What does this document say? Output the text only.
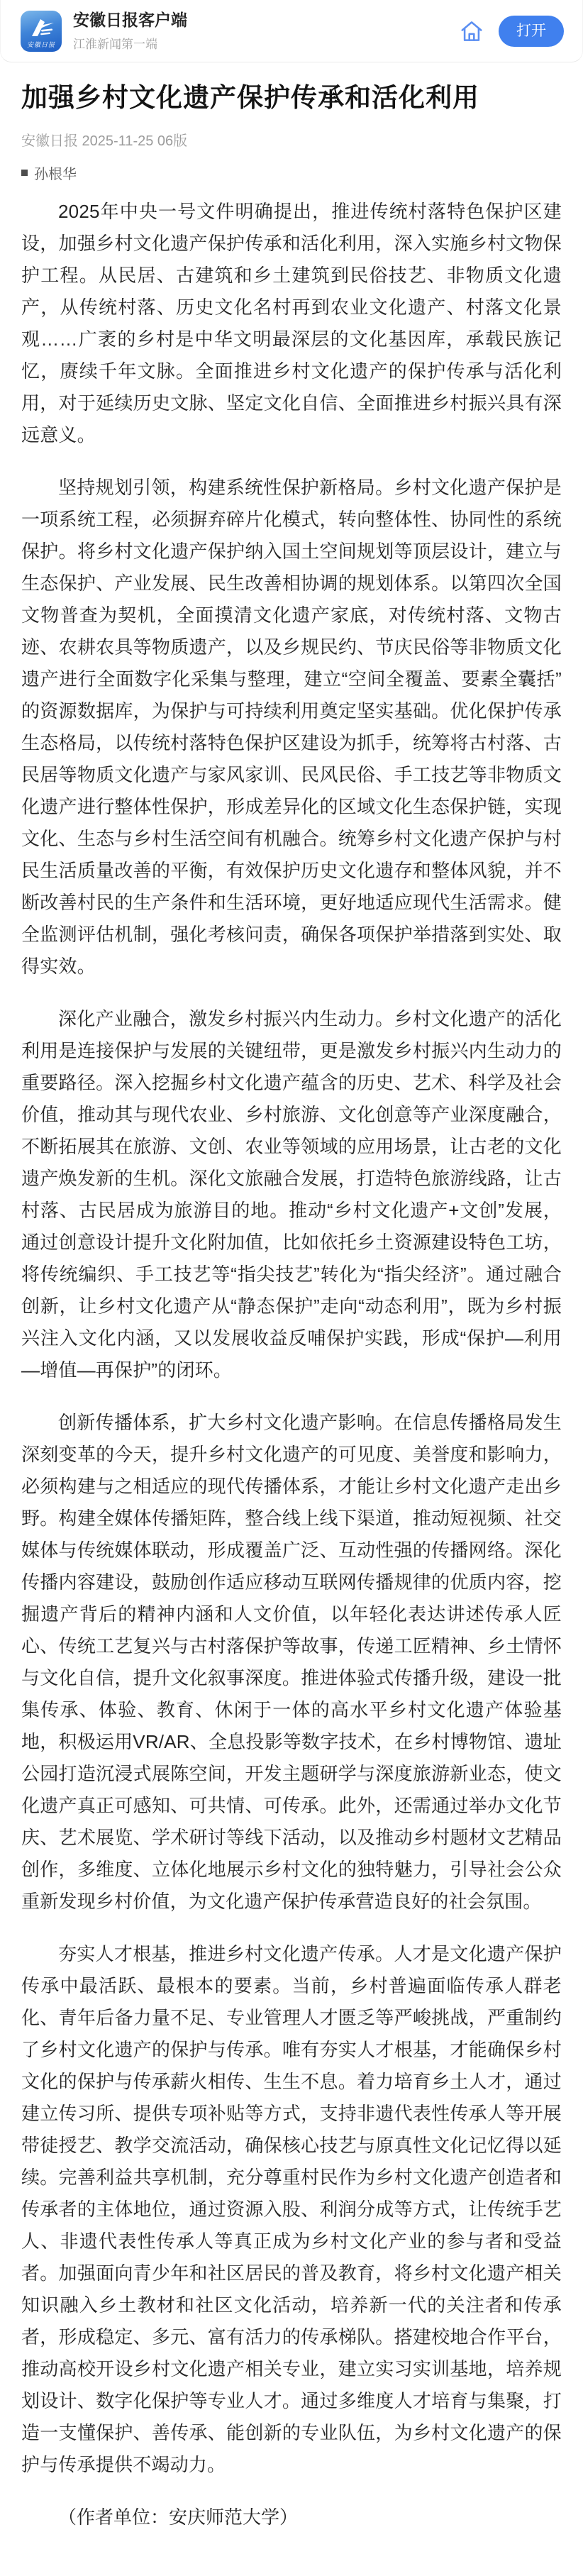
安徽日报
安徽日报客户端
江淮新闻第一端
打开
加强乡村文化遗产保护传承和活化利用
安徽日报 2025-11-25 06版
孙根华

2025年中央一号文件明确提出，推进传统村落特色保护区建设，加强乡村文化遗产保护传承和活化利用，深入实施乡村文物保护工程。从民居、古建筑和乡土建筑到民俗技艺、非物质文化遗产，从传统村落、历史文化名村再到农业文化遗产、村落文化景观……广袤的乡村是中华文明最深层的文化基因库，承载民族记忆，赓续千年文脉。全面推进乡村文化遗产的保护传承与活化利用，对于延续历史文脉、坚定文化自信、全面推进乡村振兴具有深远意义。

坚持规划引领，构建系统性保护新格局。乡村文化遗产保护是一项系统工程，必须摒弃碎片化模式，转向整体性、协同性的系统保护。将乡村文化遗产保护纳入国土空间规划等顶层设计，建立与生态保护、产业发展、民生改善相协调的规划体系。以第四次全国文物普查为契机，全面摸清文化遗产家底，对传统村落、文物古迹、农耕农具等物质遗产，以及乡规民约、节庆民俗等非物质文化遗产进行全面数字化采集与整理，建立“空间全覆盖、要素全囊括”的资源数据库，为保护与可持续利用奠定坚实基础。优化保护传承生态格局，以传统村落特色保护区建设为抓手，统筹将古村落、古民居等物质文化遗产与家风家训、民风民俗、手工技艺等非物质文化遗产进行整体性保护，形成差异化的区域文化生态保护链，实现文化、生态与乡村生活空间有机融合。统筹乡村文化遗产保护与村民生活质量改善的平衡，有效保护历史文化遗存和整体风貌，并不断改善村民的生产条件和生活环境，更好地适应现代生活需求。健全监测评估机制，强化考核问责，确保各项保护举措落到实处、取得实效。

深化产业融合，激发乡村振兴内生动力。乡村文化遗产的活化利用是连接保护与发展的关键纽带，更是激发乡村振兴内生动力的重要路径。深入挖掘乡村文化遗产蕴含的历史、艺术、科学及社会价值，推动其与现代农业、乡村旅游、文化创意等产业深度融合，不断拓展其在旅游、文创、农业等领域的应用场景，让古老的文化遗产焕发新的生机。深化文旅融合发展，打造特色旅游线路，让古村落、古民居成为旅游目的地。推动“乡村文化遗产+文创”发展，通过创意设计提升文化附加值，比如依托乡土资源建设特色工坊，将传统编织、手工技艺等“指尖技艺”转化为“指尖经济”。通过融合创新，让乡村文化遗产从“静态保护”走向“动态利用”，既为乡村振兴注入文化内涵，又以发展收益反哺保护实践，形成“保护—利用—增值—再保护”的闭环。

创新传播体系，扩大乡村文化遗产影响。在信息传播格局发生深刻变革的今天，提升乡村文化遗产的可见度、美誉度和影响力，必须构建与之相适应的现代传播体系，才能让乡村文化遗产走出乡野。构建全媒体传播矩阵，整合线上线下渠道，推动短视频、社交媒体与传统媒体联动，形成覆盖广泛、互动性强的传播网络。深化传播内容建设，鼓励创作适应移动互联网传播规律的优质内容，挖掘遗产背后的精神内涵和人文价值，以年轻化表达讲述传承人匠心、传统工艺复兴与古村落保护等故事，传递工匠精神、乡土情怀与文化自信，提升文化叙事深度。推进体验式传播升级，建设一批集传承、体验、教育、休闲于一体的高水平乡村文化遗产体验基地，积极运用VR/AR、全息投影等数字技术，在乡村博物馆、遗址公园打造沉浸式展陈空间，开发主题研学与深度旅游新业态，使文化遗产真正可感知、可共情、可传承。此外，还需通过举办文化节庆、艺术展览、学术研讨等线下活动，以及推动乡村题材文艺精品创作，多维度、立体化地展示乡村文化的独特魅力，引导社会公众重新发现乡村价值，为文化遗产保护传承营造良好的社会氛围。

夯实人才根基，推进乡村文化遗产传承。人才是文化遗产保护传承中最活跃、最根本的要素。当前，乡村普遍面临传承人群老化、青年后备力量不足、专业管理人才匮乏等严峻挑战，严重制约了乡村文化遗产的保护与传承。唯有夯实人才根基，才能确保乡村文化的保护与传承薪火相传、生生不息。着力培育乡土人才，通过建立传习所、提供专项补贴等方式，支持非遗代表性传承人等开展带徒授艺、教学交流活动，确保核心技艺与原真性文化记忆得以延续。完善利益共享机制，充分尊重村民作为乡村文化遗产创造者和传承者的主体地位，通过资源入股、利润分成等方式，让传统手艺人、非遗代表性传承人等真正成为乡村文化产业的参与者和受益者。加强面向青少年和社区居民的普及教育，将乡村文化遗产相关知识融入乡土教材和社区文化活动，培养新一代的关注者和传承者，形成稳定、多元、富有活力的传承梯队。搭建校地合作平台，推动高校开设乡村文化遗产相关专业，建立实习实训基地，培养规划设计、数字化保护等专业人才。通过多维度人才培育与集聚，打造一支懂保护、善传承、能创新的专业队伍，为乡村文化遗产的保护与传承提供不竭动力。

（作者单位：安庆师范大学）
